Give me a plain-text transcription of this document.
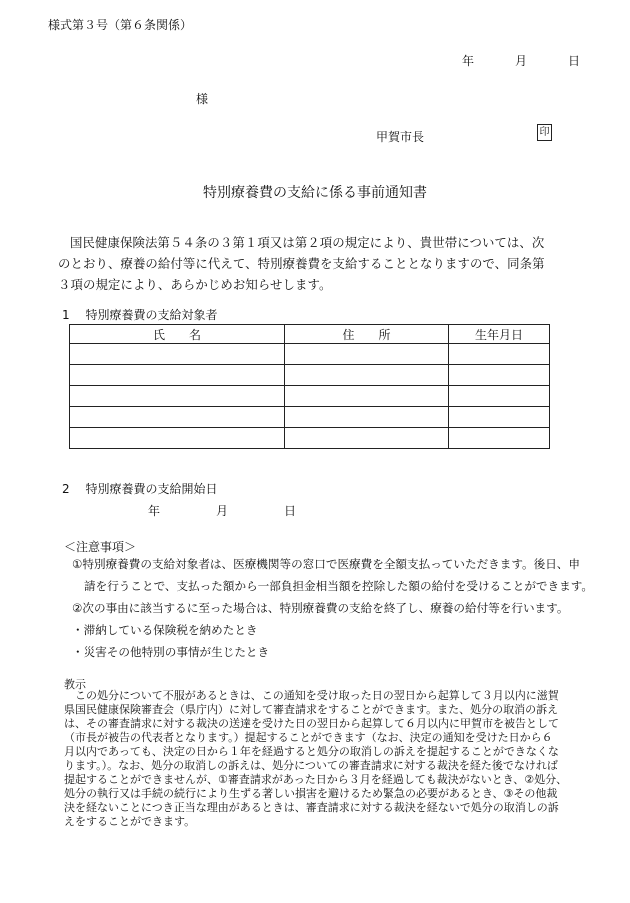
様式第３号（第６条関係）
年	月	日
様
甲賀市長	印
特別療養費の支給に係る事前通知書

国民健康保険法第５４条の３第１項又は第２項の規定により、貴世帯については、次

のとおり、療養の給付等に代えて、特別療養費を支給することとなりますので、同条第

３項の規定により、あらかじめお知らせします。

1　 特別療養費の支給対象者
氏　　名	住　　所	生年月日

2　 特別療養費の支給開始日
年	月	日
＜注意事項＞
①特別療養費の支給対象者は、医療機関等の窓口で医療費を全額支払っていただきます。後日、申
請を行うことで、支払った額から一部負担金相当額を控除した額の給付を受けることができます。
②次の事由に該当するに至った場合は、特別療養費の支給を終了し、療養の給付等を行います。
・滞納している保険税を納めたとき
・災害その他特別の事情が生じたとき
教示

この処分について不服があるときは、この通知を受け取った日の翌日から起算して３月以内に滋賀

県国民健康保険審査会（県庁内）に対して審査請求をすることができます。また、処分の取消の訴え

は、その審査請求に対する裁決の送達を受けた日の翌日から起算して６月以内に甲賀市を被告として

（市長が被告の代表者となります。）提起することができます（なお、決定の通知を受けた日から６

月以内であっても、決定の日から１年を経過すると処分の取消しの訴えを提起することができなくな

ります。）。なお、処分の取消しの訴えは、処分についての審査請求に対する裁決を経た後でなければ

提起することができませんが、①審査請求があった日から３月を経過しても裁決がないとき、②処分、

処分の執行又は手続の続行により生ずる著しい損害を避けるため緊急の必要があるとき、③その他裁

決を経ないことにつき正当な理由があるときは、審査請求に対する裁決を経ないで処分の取消しの訴

えをすることができます。
